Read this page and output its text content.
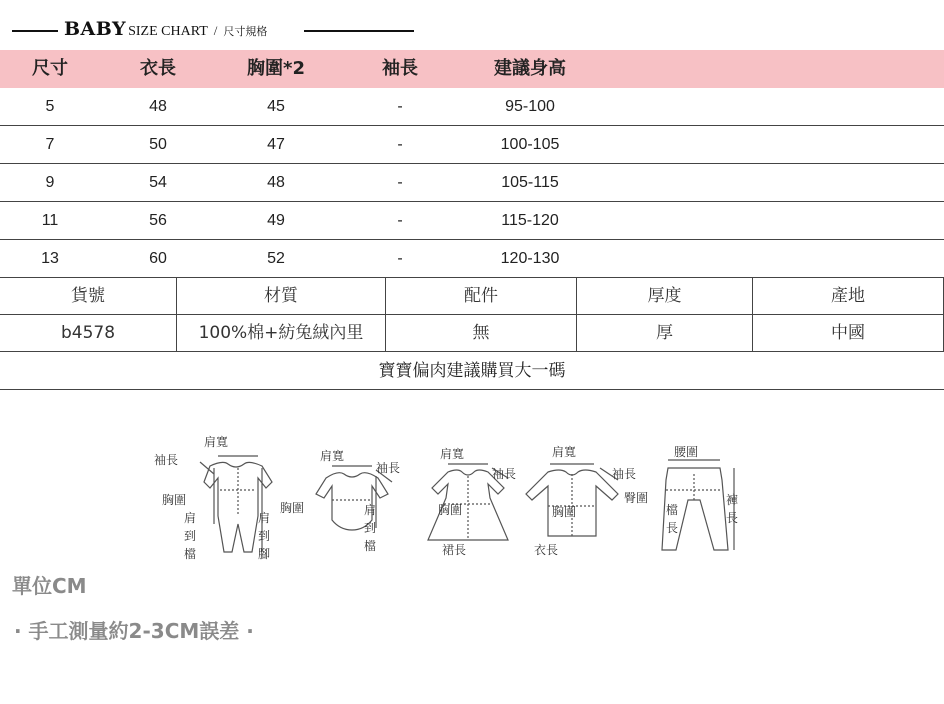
BABY SIZE CHART / 尺寸規格
尺寸	衣長	胸圍*2	袖長	建議身高
5	48	45	-	95-100
7	50	47	-	100-105
9	54	48	-	105-115
11	56	49	-	115-120
13	60	52	-	120-130
貨號	材質	配件	厚度	產地
b4578	100%棉+紡兔絨內里	無	厚	中國
寶寶偏肉建議購買大一碼
肩寬
袖長
胸圍
肩
到
檔
肩
到
腳
肩寬
袖長
胸圍	肩
到
檔
肩寬
袖長
胸圍
裙長
肩寬
袖長
胸圍
衣長
腰圍
臀圍
檔
長
褲
長
單位CM
· 手工測量約2-3CM誤差 ·
